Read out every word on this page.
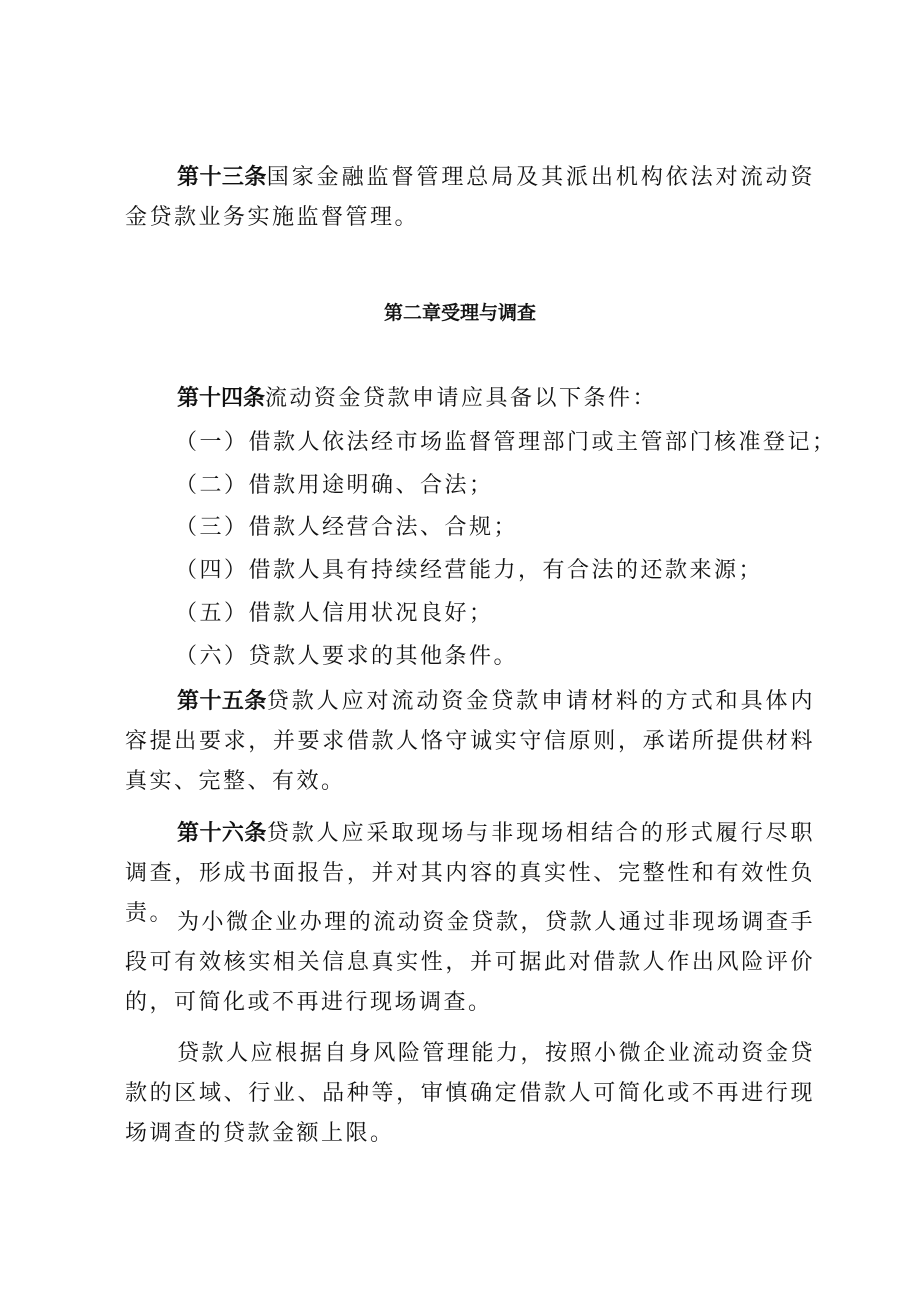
第十三条国家金融监督管理总局及其派出机构依法对流动资金贷款业务实施监督管理。

第二章受理与调查

第十四条流动资金贷款申请应具备以下条件：

（一）借款人依法经市场监督管理部门或主管部门核准登记；

（二）借款用途明确、合法；

（三）借款人经营合法、合规；

（四）借款人具有持续经营能力，有合法的还款来源；

（五）借款人信用状况良好；

（六）贷款人要求的其他条件。

第十五条贷款人应对流动资金贷款申请材料的方式和具体内容提出要求，并要求借款人恪守诚实守信原则，承诺所提供材料真实、完整、有效。

第十六条贷款人应采取现场与非现场相结合的形式履行尽职调查，形成书面报告，并对其内容的真实性、完整性和有效性负责。 为小微企业办理的流动资金贷款，贷款人通过非现场调查手段可有效核实相关信息真实性，并可据此对借款人作出风险评价的，可简化或不再进行现场调查。

贷款人应根据自身风险管理能力，按照小微企业流动资金贷款的区域、行业、品种等，审慎确定借款人可简化或不再进行现场调查的贷款金额上限。
